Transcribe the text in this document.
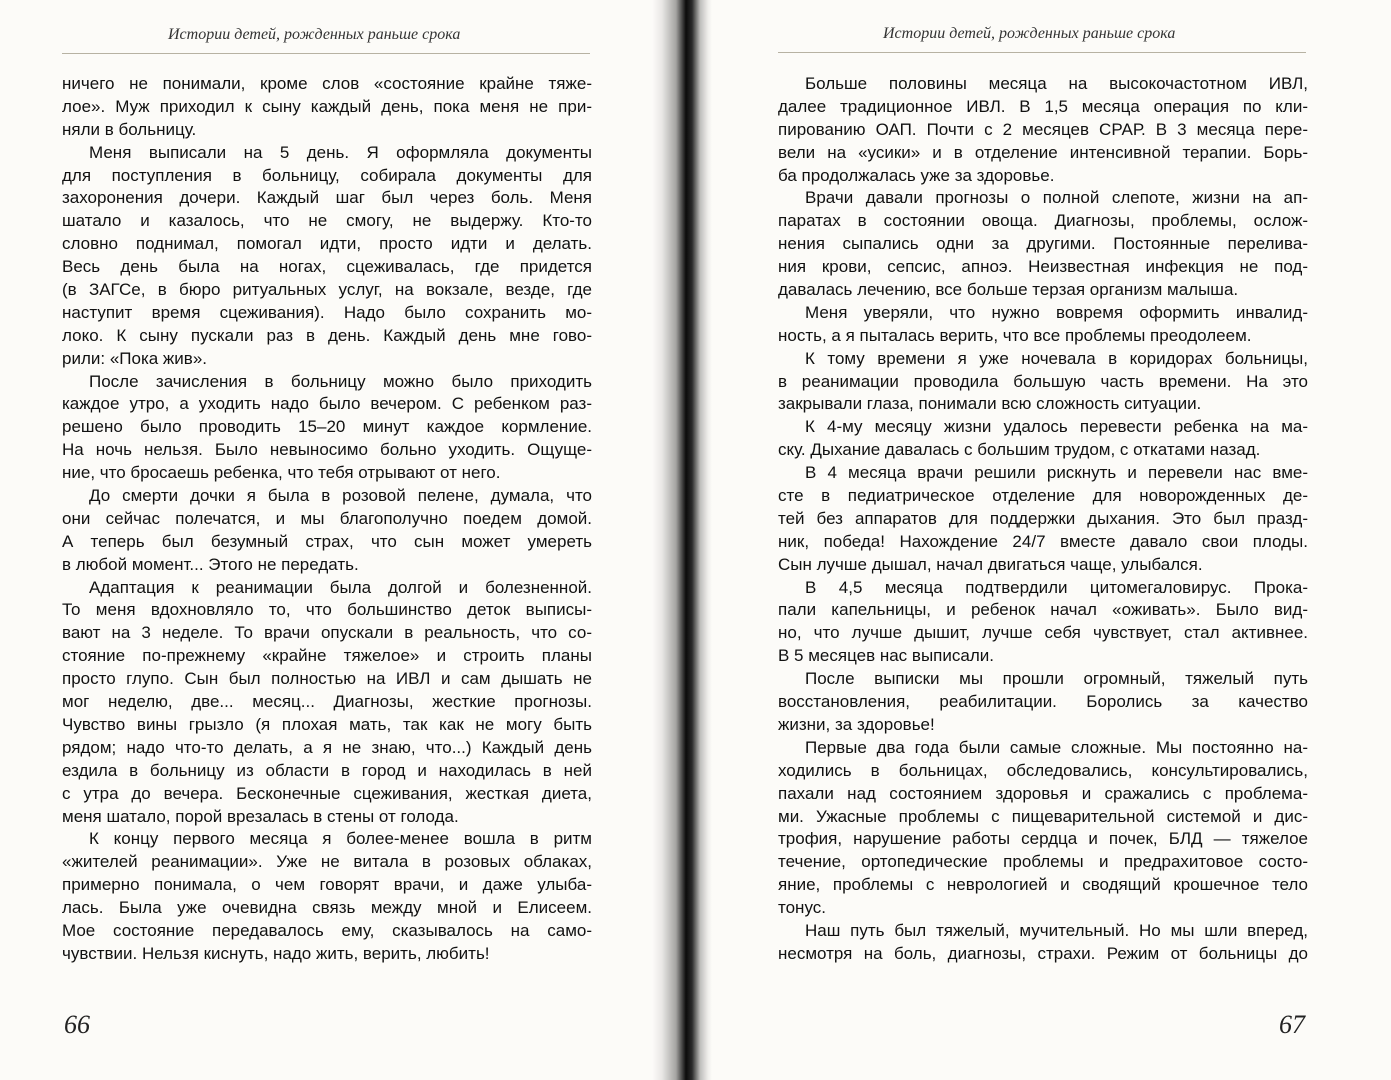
Истории детей, рожденных раньше срока
ничего не понимали, кроме слов «состояние крайне тяже-
лое». Муж приходил к сыну каждый день, пока меня не при-
няли в больницу.
Меня выписали на 5 день. Я оформляла документы
для поступления в больницу, собирала документы для
захоронения дочери. Каждый шаг был через боль. Меня
шатало и казалось, что не смогу, не выдержу. Кто-то
словно поднимал, помогал идти, просто идти и делать.
Весь день была на ногах, сцеживалась, где придется
(в ЗАГСе, в бюро ритуальных услуг, на вокзале, везде, где
наступит время сцеживания). Надо было сохранить мо-
локо. К сыну пускали раз в день. Каждый день мне гово-
рили: «Пока жив».
После зачисления в больницу можно было приходить
каждое утро, а уходить надо было вечером. С ребенком раз-
решено было проводить 15–20 минут каждое кормление.
На ночь нельзя. Было невыносимо больно уходить. Ощуще-
ние, что бросаешь ребенка, что тебя отрывают от него.
До смерти дочки я была в розовой пелене, думала, что
они сейчас полечатся, и мы благополучно поедем домой.
А теперь был безумный страх, что сын может умереть
в любой момент... Этого не передать.
Адаптация к реанимации была долгой и болезненной.
То меня вдохновляло то, что большинство деток выписы-
вают на 3 неделе. То врачи опускали в реальность, что со-
стояние по-прежнему «крайне тяжелое» и строить планы
просто глупо. Сын был полностью на ИВЛ и сам дышать не
мог неделю, две... месяц... Диагнозы, жесткие прогнозы.
Чувство вины грызло (я плохая мать, так как не могу быть
рядом; надо что-то делать, а я не знаю, что...) Каждый день
ездила в больницу из области в город и находилась в ней
с утра до вечера. Бесконечные сцеживания, жесткая диета,
меня шатало, порой врезалась в стены от голода.
К концу первого месяца я более-менее вошла в ритм
«жителей реанимации». Уже не витала в розовых облаках,
примерно понимала, о чем говорят врачи, и даже улыба-
лась. Была уже очевидна связь между мной и Елисеем.
Мое состояние передавалось ему, сказывалось на само-
чувствии. Нельзя киснуть, надо жить, верить, любить!
66
Истории детей, рожденных раньше срока
Больше половины месяца на высокочастотном ИВЛ,
далее традиционное ИВЛ. В 1,5 месяца операция по кли-
пированию ОАП. Почти с 2 месяцев СРАР. В 3 месяца пере-
вели на «усики» и в отделение интенсивной терапии. Борь-
ба продолжалась уже за здоровье.
Врачи давали прогнозы о полной слепоте, жизни на ап-
паратах в состоянии овоща. Диагнозы, проблемы, ослож-
нения сыпались одни за другими. Постоянные перелива-
ния крови, сепсис, апноэ. Неизвестная инфекция не под-
давалась лечению, все больше терзая организм малыша.
Меня уверяли, что нужно вовремя оформить инвалид-
ность, а я пыталась верить, что все проблемы преодолеем.
К тому времени я уже ночевала в коридорах больницы,
в реанимации проводила большую часть времени. На это
закрывали глаза, понимали всю сложность ситуации.
К 4-му месяцу жизни удалось перевести ребенка на ма-
ску. Дыхание давалась с большим трудом, с откатами назад.
В 4 месяца врачи решили рискнуть и перевели нас вме-
сте в педиатрическое отделение для новорожденных де-
тей без аппаратов для поддержки дыхания. Это был празд-
ник, победа! Нахождение 24/7 вместе давало свои плоды.
Сын лучше дышал, начал двигаться чаще, улыбался.
В 4,5 месяца подтвердили цитомегаловирус. Прока-
пали капельницы, и ребенок начал «оживать». Было вид-
но, что лучше дышит, лучше себя чувствует, стал активнее.
В 5 месяцев нас выписали.
После выписки мы прошли огромный, тяжелый путь
восстановления, реабилитации. Боролись за качество
жизни, за здоровье!
Первые два года были самые сложные. Мы постоянно на-
ходились в больницах, обследовались, консультировались,
пахали над состоянием здоровья и сражались с проблема-
ми. Ужасные проблемы с пищеварительной системой и дис-
трофия, нарушение работы сердца и почек, БЛД — тяжелое
течение, ортопедические проблемы и предрахитовое состо-
яние, проблемы с неврологией и сводящий крошечное тело
тонус.
Наш путь был тяжелый, мучительный. Но мы шли вперед,
несмотря на боль, диагнозы, страхи. Режим от больницы до
67
